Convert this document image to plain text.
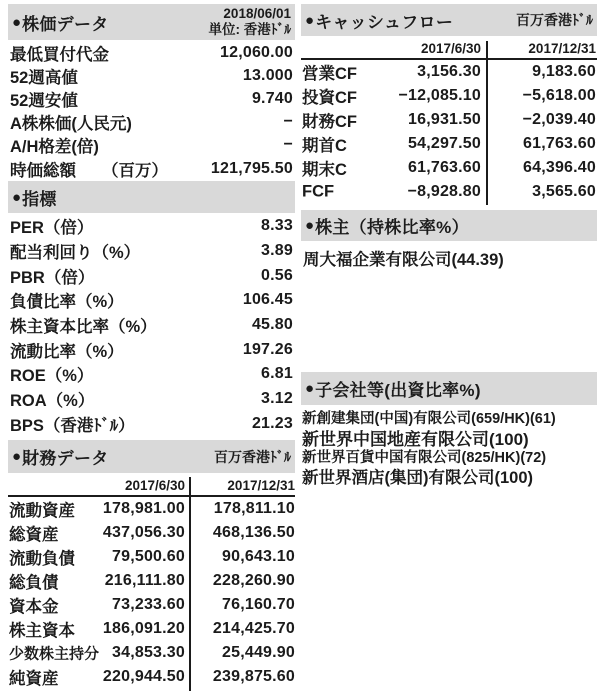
● 株価データ
2018/06/01
単位: 香港ﾄﾞﾙ
最低買付代金	12,060.00
52週高値	13.000
52週安値	9.740
A株株価(人民元)	−
A/H格差(倍)	−
時価総額 （百万）	121,795.50
● 指標
PER（倍）	8.33
配当利回り（%）	3.89
PBR（倍）	0.56
負債比率（%）	106.45
株主資本比率（%）	45.80
流動比率（%）	197.26
ROE（%）	6.81
ROA（%）	3.12
BPS（香港ﾄﾞﾙ）	21.23
● 財務データ	百万香港ﾄﾞﾙ
2017/6/30	2017/12/31
流動資産 178,981.00 178,811.10
総資産	437,056.30 468,136.50
流動負債 79,500.60 90,643.10
総負債	216,111.80 228,260.90
資本金	73,233.60 76,160.70
株主資本 186,091.20 214,425.70
少数株主持分 34,853.30 25,449.90
純資産	220,944.50 239,875.60
● キャッシュフロー	百万香港ﾄﾞﾙ
2017/6/30	2017/12/31
営業CF	3,156.30	9,183.60
投資CF	−12,085.10	−5,618.00
財務CF	16,931.50	−2,039.40
期首C	54,297.50	61,763.60
期末C	61,763.60	64,396.40
FCF	−8,928.80	3,565.60
● 株主（持株比率%）
周大福企業有限公司(44.39)
● 子会社等(出資比率%)
新創建集団(中国)有限公司(659/HK)(61)
新世界中国地産有限公司(100)
新世界百貨中国有限公司(825/HK)(72)
新世界酒店(集団)有限公司(100)
